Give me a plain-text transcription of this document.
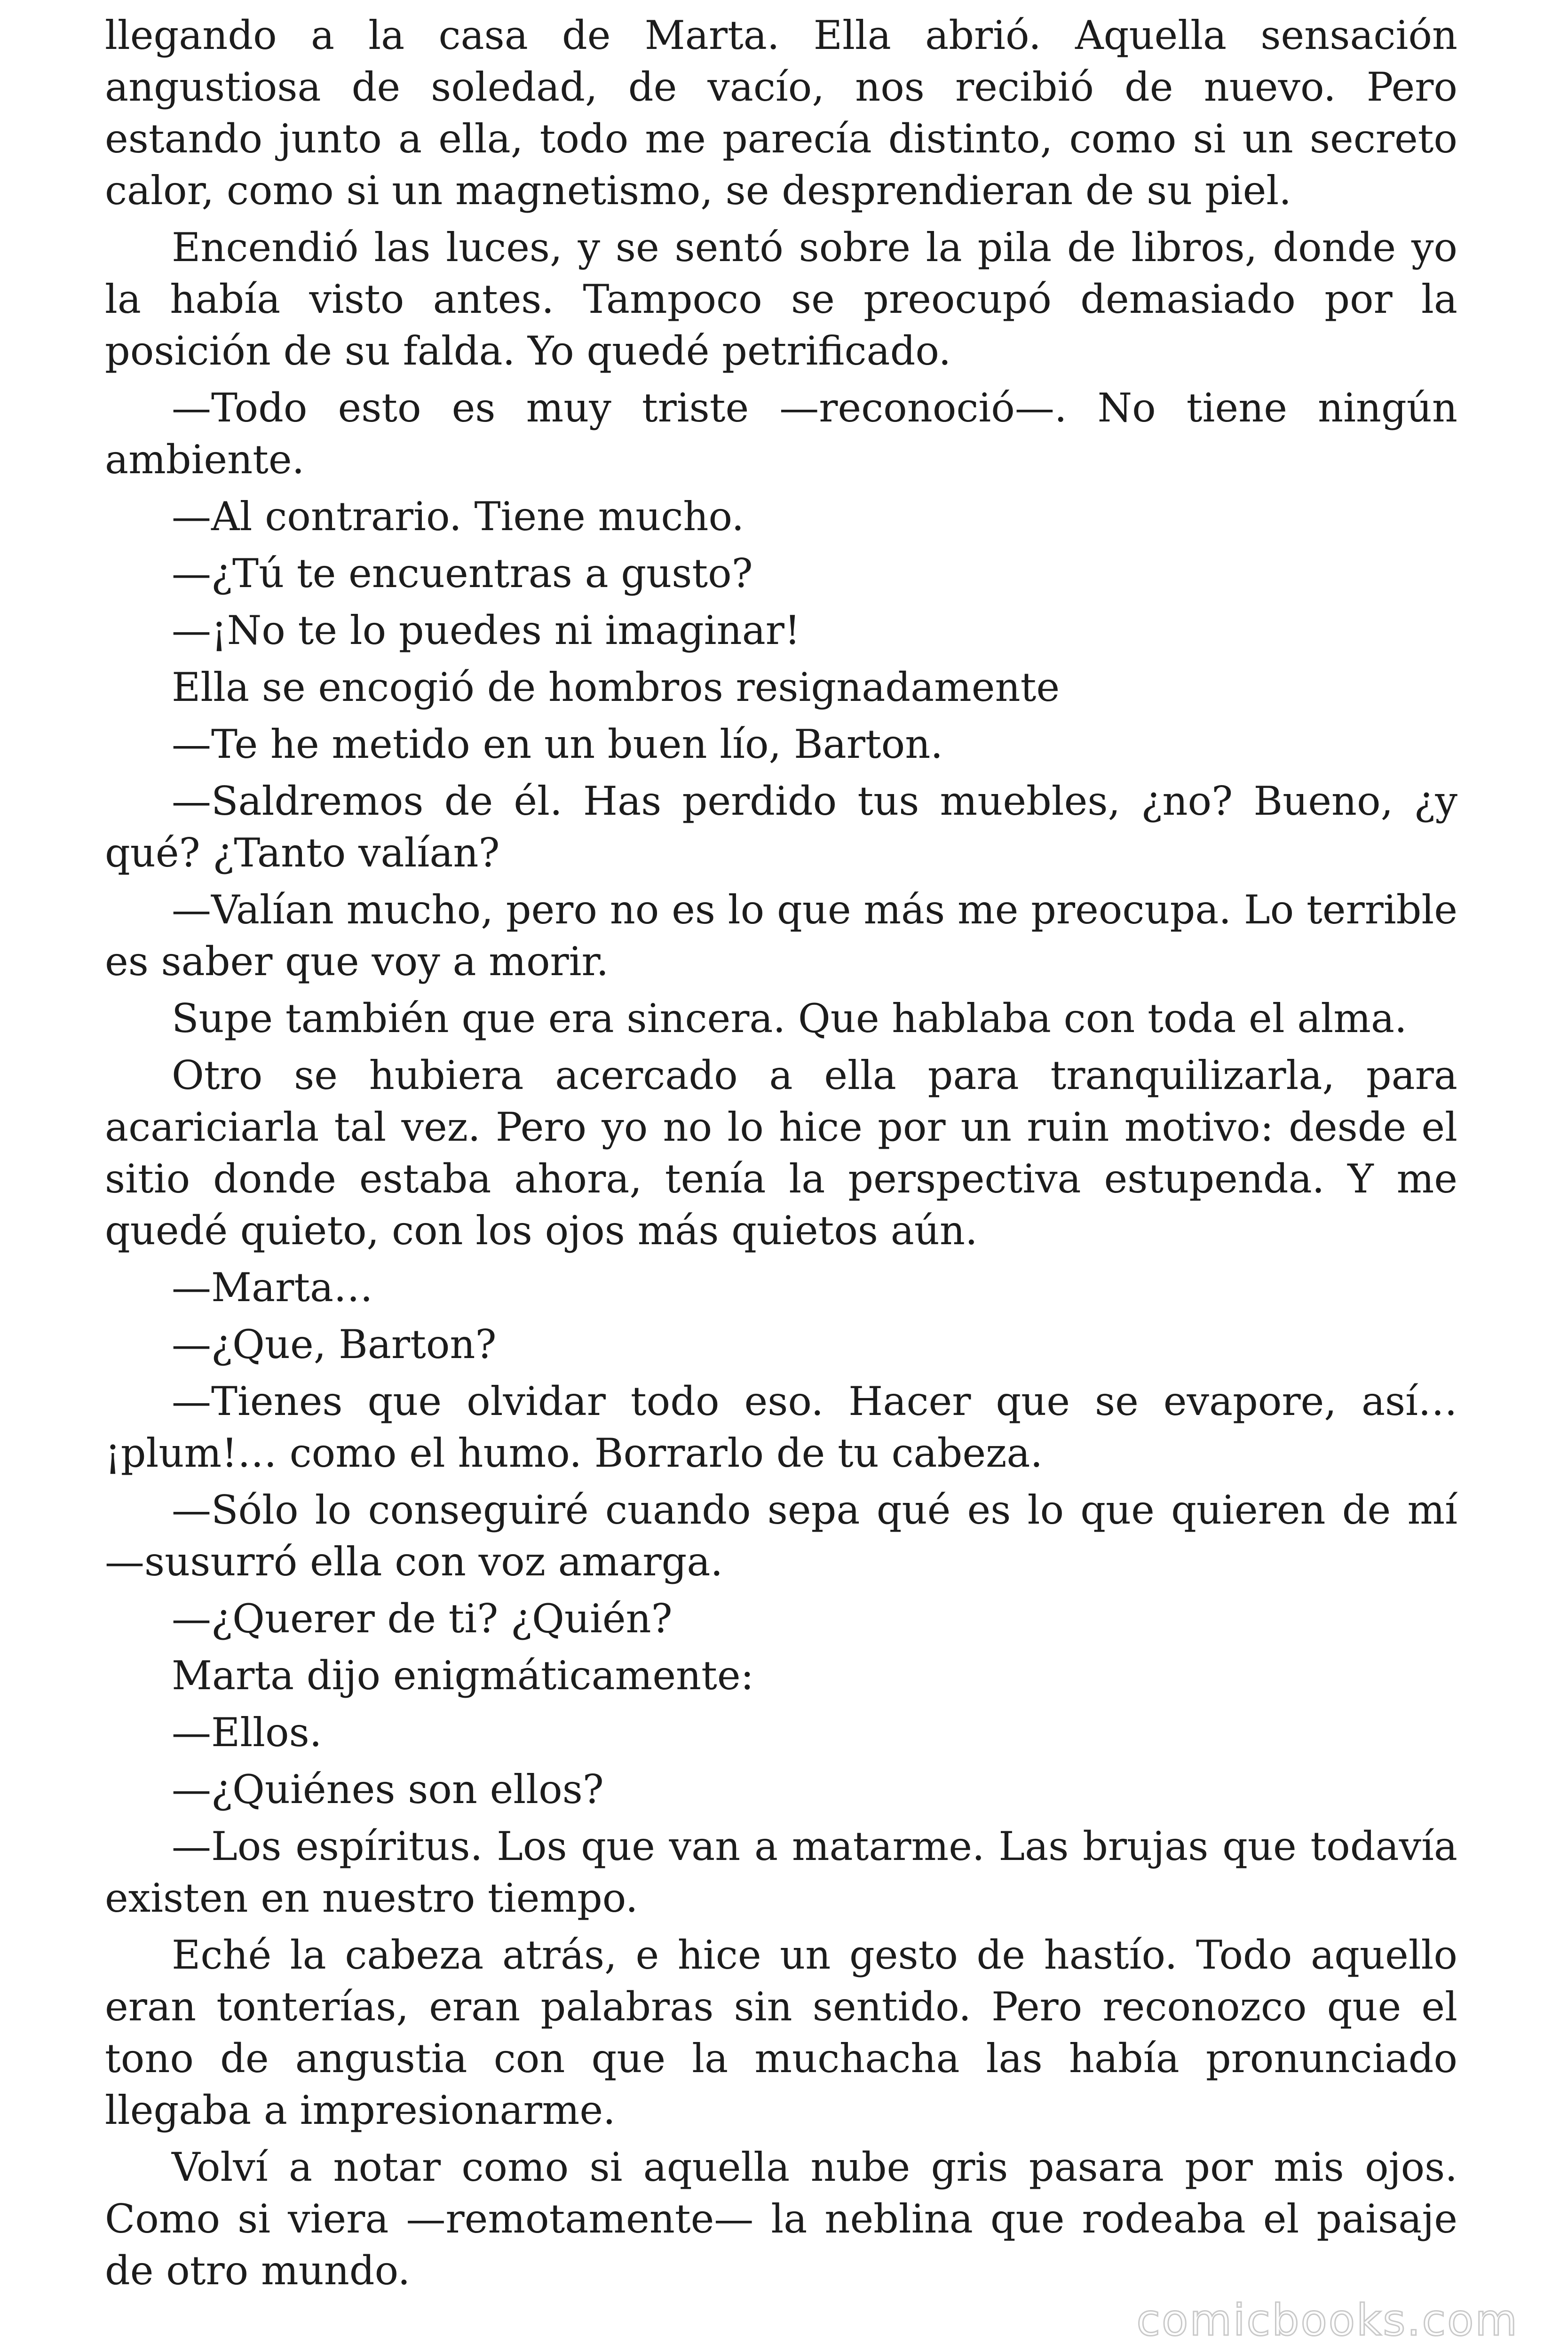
llegando a la casa de Marta. Ella abrió. Aquella sensación angustiosa de soledad, de vacío, nos recibió de nuevo. Pero estando junto a ella, todo me parecía distinto, como si un secreto calor, como si un magnetismo, se desprendieran de su piel.

Encendió las luces, y se sentó sobre la pila de libros, donde yo la había visto antes. Tampoco se preocupó demasiado por la posición de su falda. Yo quedé petrificado.

—Todo esto es muy triste —reconoció—. No tiene ningún ambiente.

—Al contrario. Tiene mucho.

—¿Tú te encuentras a gusto?

—¡No te lo puedes ni imaginar!

Ella se encogió de hombros resignadamente

—Te he metido en un buen lío, Barton.

—Saldremos de él. Has perdido tus muebles, ¿no? Bueno, ¿y qué? ¿Tanto valían?

—Valían mucho, pero no es lo que más me preocupa. Lo terrible es saber que voy a morir.

Supe también que era sincera. Que hablaba con toda el alma.

Otro se hubiera acercado a ella para tranquilizarla, para acariciarla tal vez. Pero yo no lo hice por un ruin motivo: desde el sitio donde estaba ahora, tenía la perspectiva estupenda. Y me quedé quieto, con los ojos más quietos aún.

—Marta…

—¿Que, Barton?

—Tienes que olvidar todo eso. Hacer que se evapore, así… ¡plum!… como el humo. Borrarlo de tu cabeza.

—Sólo lo conseguiré cuando sepa qué es lo que quieren de mí —susurró ella con voz amarga.

—¿Querer de ti? ¿Quién?

Marta dijo enigmáticamente:

—Ellos.

—¿Quiénes son ellos?

—Los espíritus. Los que van a matarme. Las brujas que todavía existen en nuestro tiempo.

Eché la cabeza atrás, e hice un gesto de hastío. Todo aquello eran tonterías, eran palabras sin sentido. Pero reconozco que el tono de angustia con que la muchacha las había pronunciado llegaba a impresionarme.

Volví a notar como si aquella nube gris pasara por mis ojos. Como si viera —remotamente— la neblina que rodeaba el paisaje de otro mundo.

comicbooks.com
